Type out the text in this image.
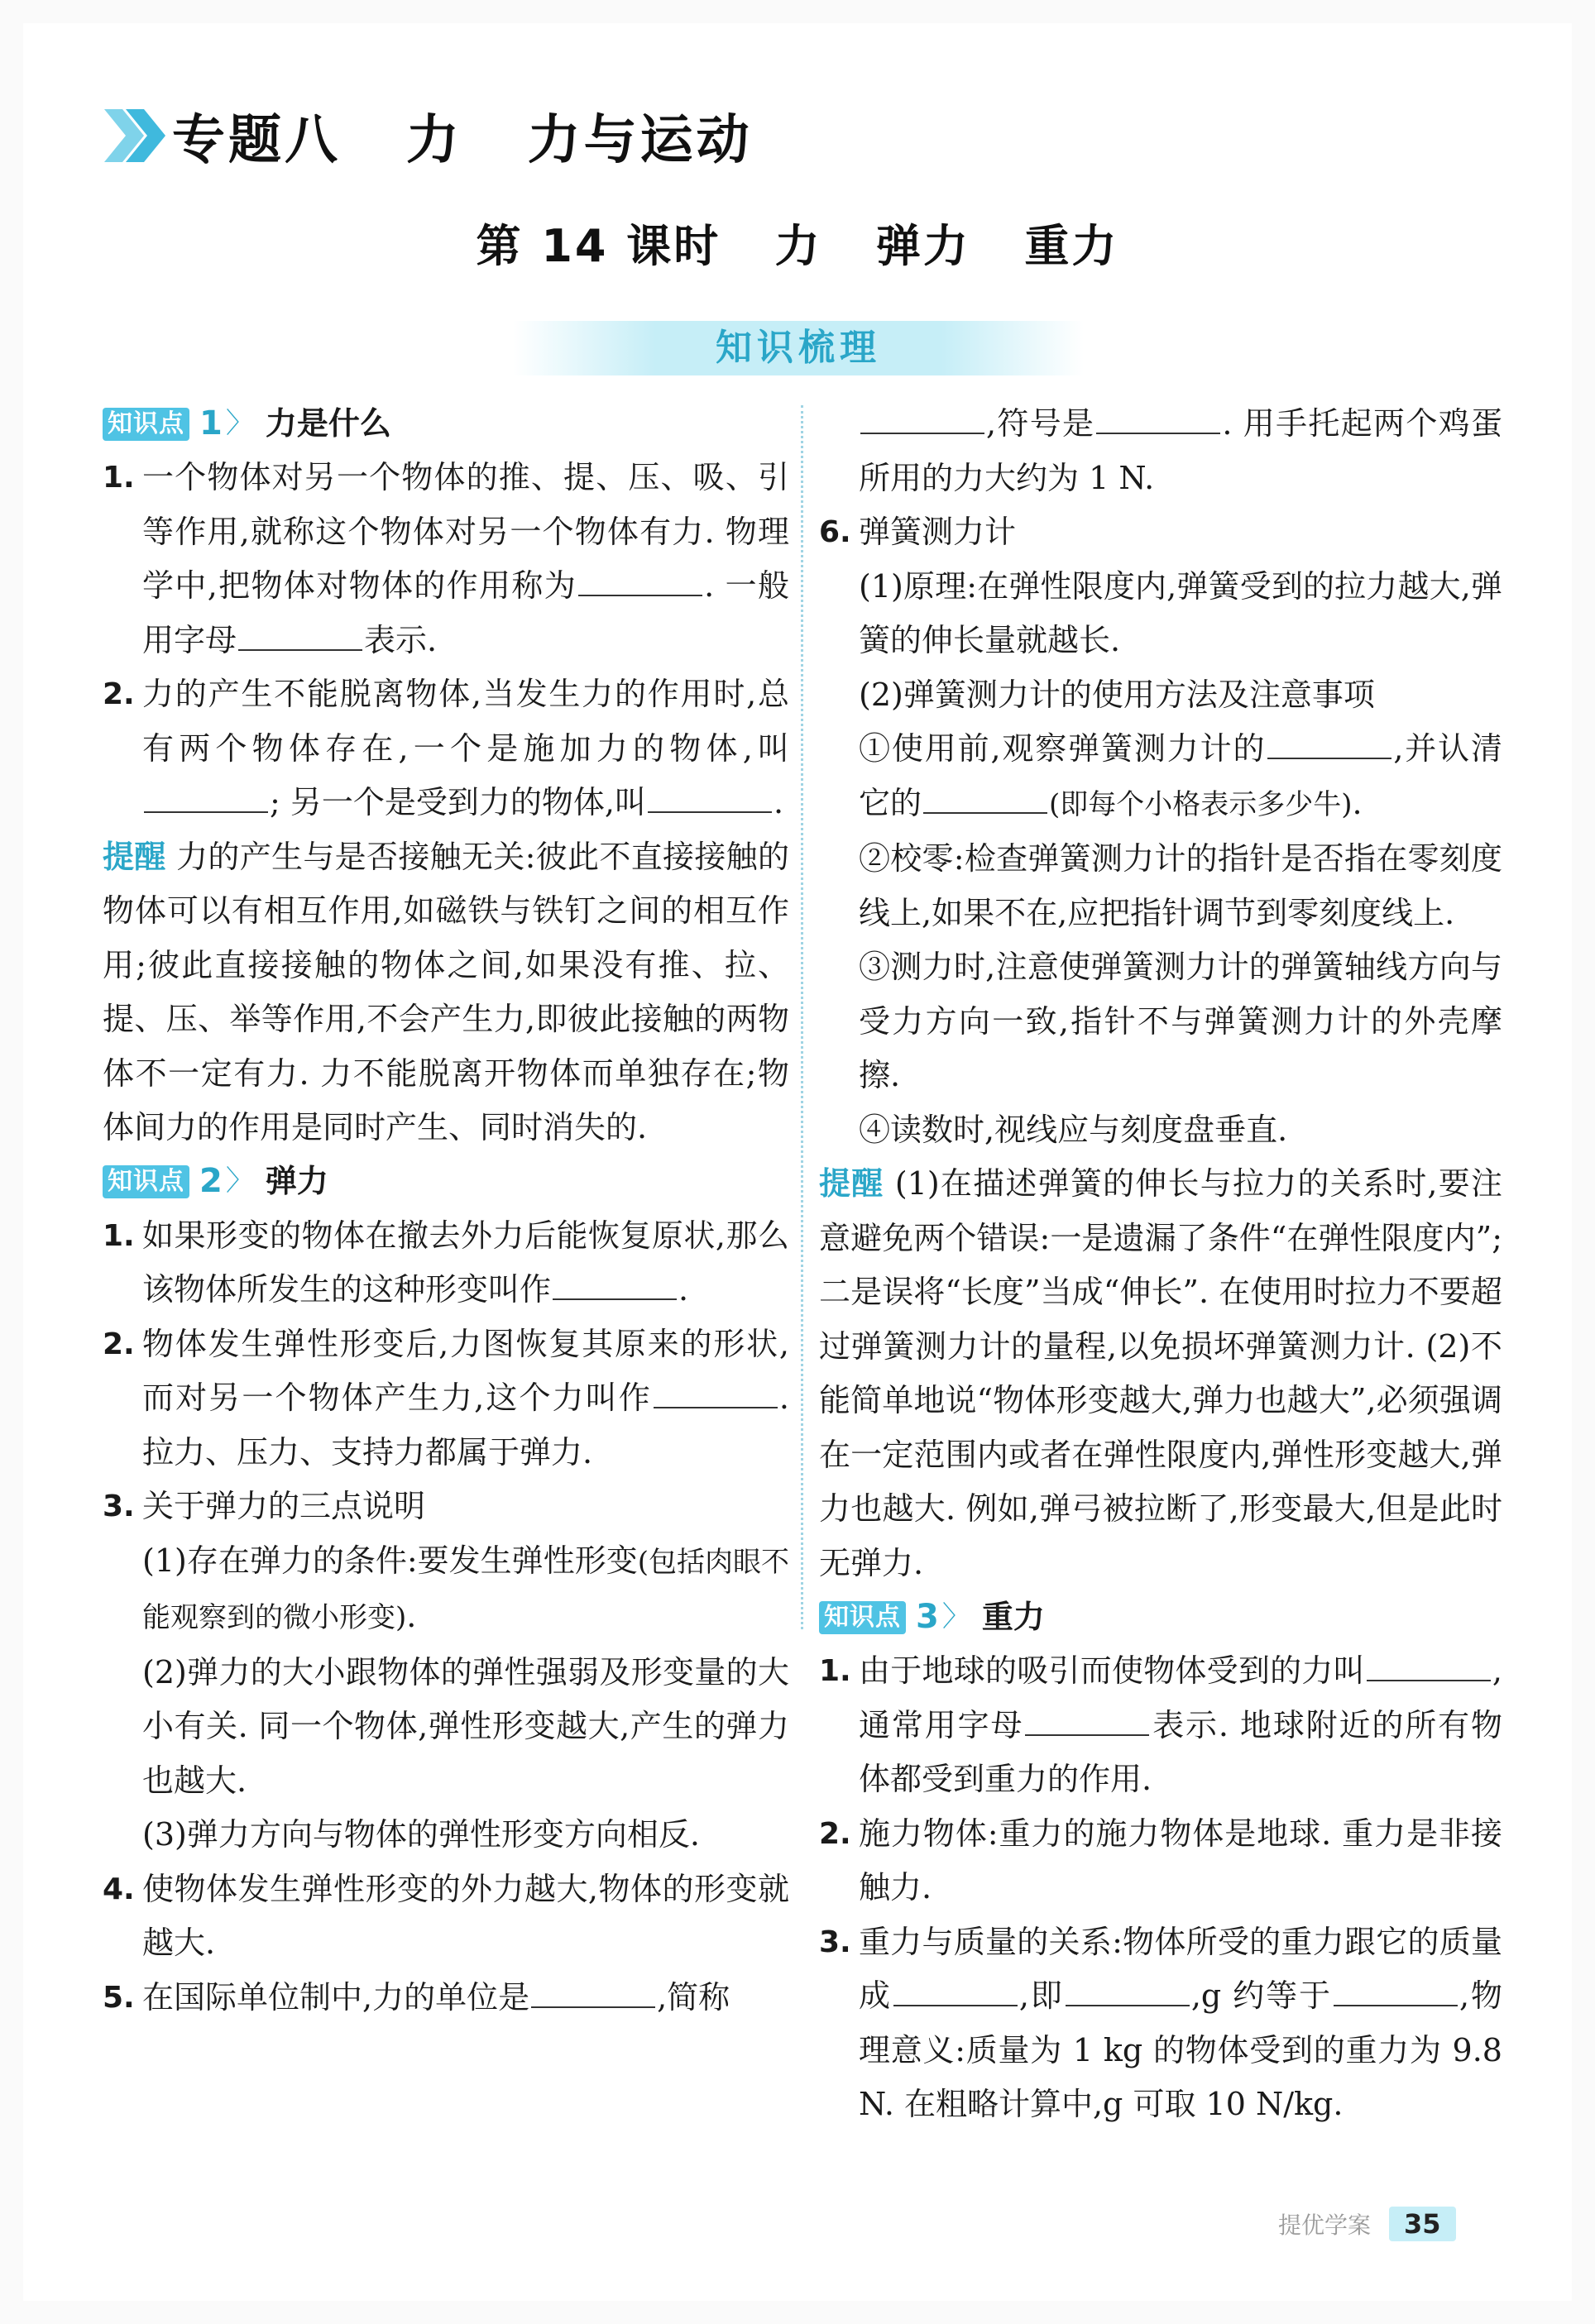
专题八   力   力与运动
第 14 课时   力   弹力   重力
知识梳理
知识点 1 〉 力是什么
1. 一个物体对另一个物体的推、提、压、吸、引等作用,就称这个物体对另一个物体有力. 物理学中,把物体对物体的作用称为	. 一般用字母	表示.
2. 力的产生不能脱离物体,当发生力的作用时,总有两个物体存在,一个是施加力的物体,叫; 另一个是受到力的物体,叫	.
提醒 力的产生与是否接触无关:彼此不直接接触的物体可以有相互作用,如磁铁与铁钉之间的相互作用;彼此直接接触的物体之间,如果没有推、拉、提、压、举等作用,不会产生力,即彼此接触的两物体不一定有力. 力不能脱离开物体而单独存在;物体间力的作用是同时产生、同时消失的.
知识点 2 〉 弹力
1. 如果形变的物体在撤去外力后能恢复原状,那么该物体所发生的这种形变叫作	.
2. 物体发生弹性形变后,力图恢复其原来的形状,而对另一个物体产生力,这个力叫作	. 拉力、压力、支持力都属于弹力.
3. 关于弹力的三点说明
(1)存在弹力的条件:要发生弹性形变(包括肉眼不能观察到的微小形变).
(2)弹力的大小跟物体的弹性强弱及形变量的大小有关. 同一个物体,弹性形变越大,产生的弹力也越大.
(3)弹力方向与物体的弹性形变方向相反.
4. 使物体发生弹性形变的外力越大,物体的形变就越大.
5. 在国际单位制中,力的单位是	,简称
,符号是	. 用手托起两个鸡蛋所用的力大约为 1 N.
6. 弹簧测力计
(1)原理:在弹性限度内,弹簧受到的拉力越大,弹簧的伸长量就越长.
(2)弹簧测力计的使用方法及注意事项
①使用前,观察弹簧测力计的	,并认清它的	(即每个小格表示多少牛).
②校零:检查弹簧测力计的指针是否指在零刻度线上,如果不在,应把指针调节到零刻度线上.
③测力时,注意使弹簧测力计的弹簧轴线方向与受力方向一致,指针不与弹簧测力计的外壳摩擦.
④读数时,视线应与刻度盘垂直.
提醒 (1)在描述弹簧的伸长与拉力的关系时,要注意避免两个错误:一是遗漏了条件“在弹性限度内”;二是误将“长度”当成“伸长”. 在使用时拉力不要超过弹簧测力计的量程,以免损坏弹簧测力计. (2)不能简单地说“物体形变越大,弹力也越大”,必须强调在一定范围内或者在弹性限度内,弹性形变越大,弹力也越大. 例如,弹弓被拉断了,形变最大,但是此时无弹力.
知识点 3 〉 重力
1. 由于地球的吸引而使物体受到的力叫	,通常用字母	表示. 地球附近的所有物体都受到重力的作用.
2. 施力物体:重力的施力物体是地球. 重力是非接触力.
3. 重力与质量的关系:物体所受的重力跟它的质量成	,即	,g 约等于	,物理意义:质量为 1 kg 的物体受到的重力为 9.8 N. 在粗略计算中,g 可取 10 N/kg.
提优学案	35
